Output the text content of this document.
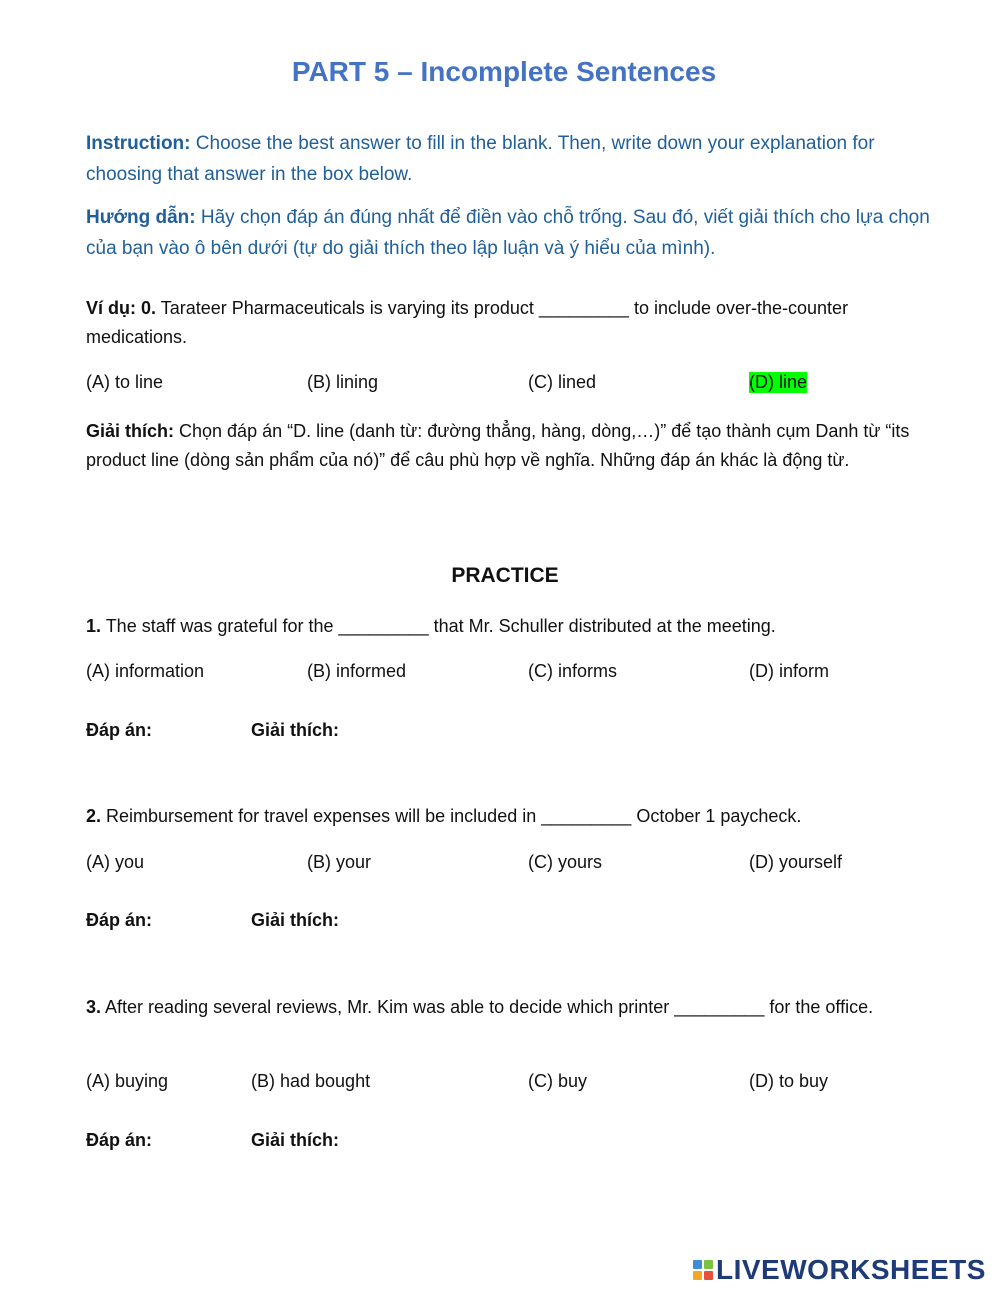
PART 5 – Incomplete Sentences

Instruction: Choose the best answer to fill in the blank. Then, write down your explanation for choosing that answer in the box below.

Hướng dẫn: Hãy chọn đáp án đúng nhất để điền vào chỗ trống. Sau đó, viết giải thích cho lựa chọn của bạn vào ô bên dưới (tự do giải thích theo lập luận và ý hiểu của mình).

Ví dụ: 0. Tarateer Pharmaceuticals is varying its product _________ to include over-the-counter medications.

(A) to line	(B) lining	(C) lined	(D) line

Giải thích: Chọn đáp án “D. line (danh từ: đường thẳng, hàng, dòng,…)” để tạo thành cụm Danh từ “its product line (dòng sản phẩm của nó)” để câu phù hợp về nghĩa. Những đáp án khác là động từ.

PRACTICE

1. The staff was grateful for the _________ that Mr. Schuller distributed at the meeting.

(A) information	(B) informed	(C) informs	(D) inform
Đáp án:	Giải thích:

2. Reimbursement for travel expenses will be included in _________ October 1 paycheck.

(A) you	(B) your	(C) yours	(D) yourself
Đáp án:	Giải thích:

3. After reading several reviews, Mr. Kim was able to decide which printer _________ for the office.

(A) buying	(B) had bought	(C) buy	(D) to buy
Đáp án:	Giải thích:
LIVEWORKSHEETS
